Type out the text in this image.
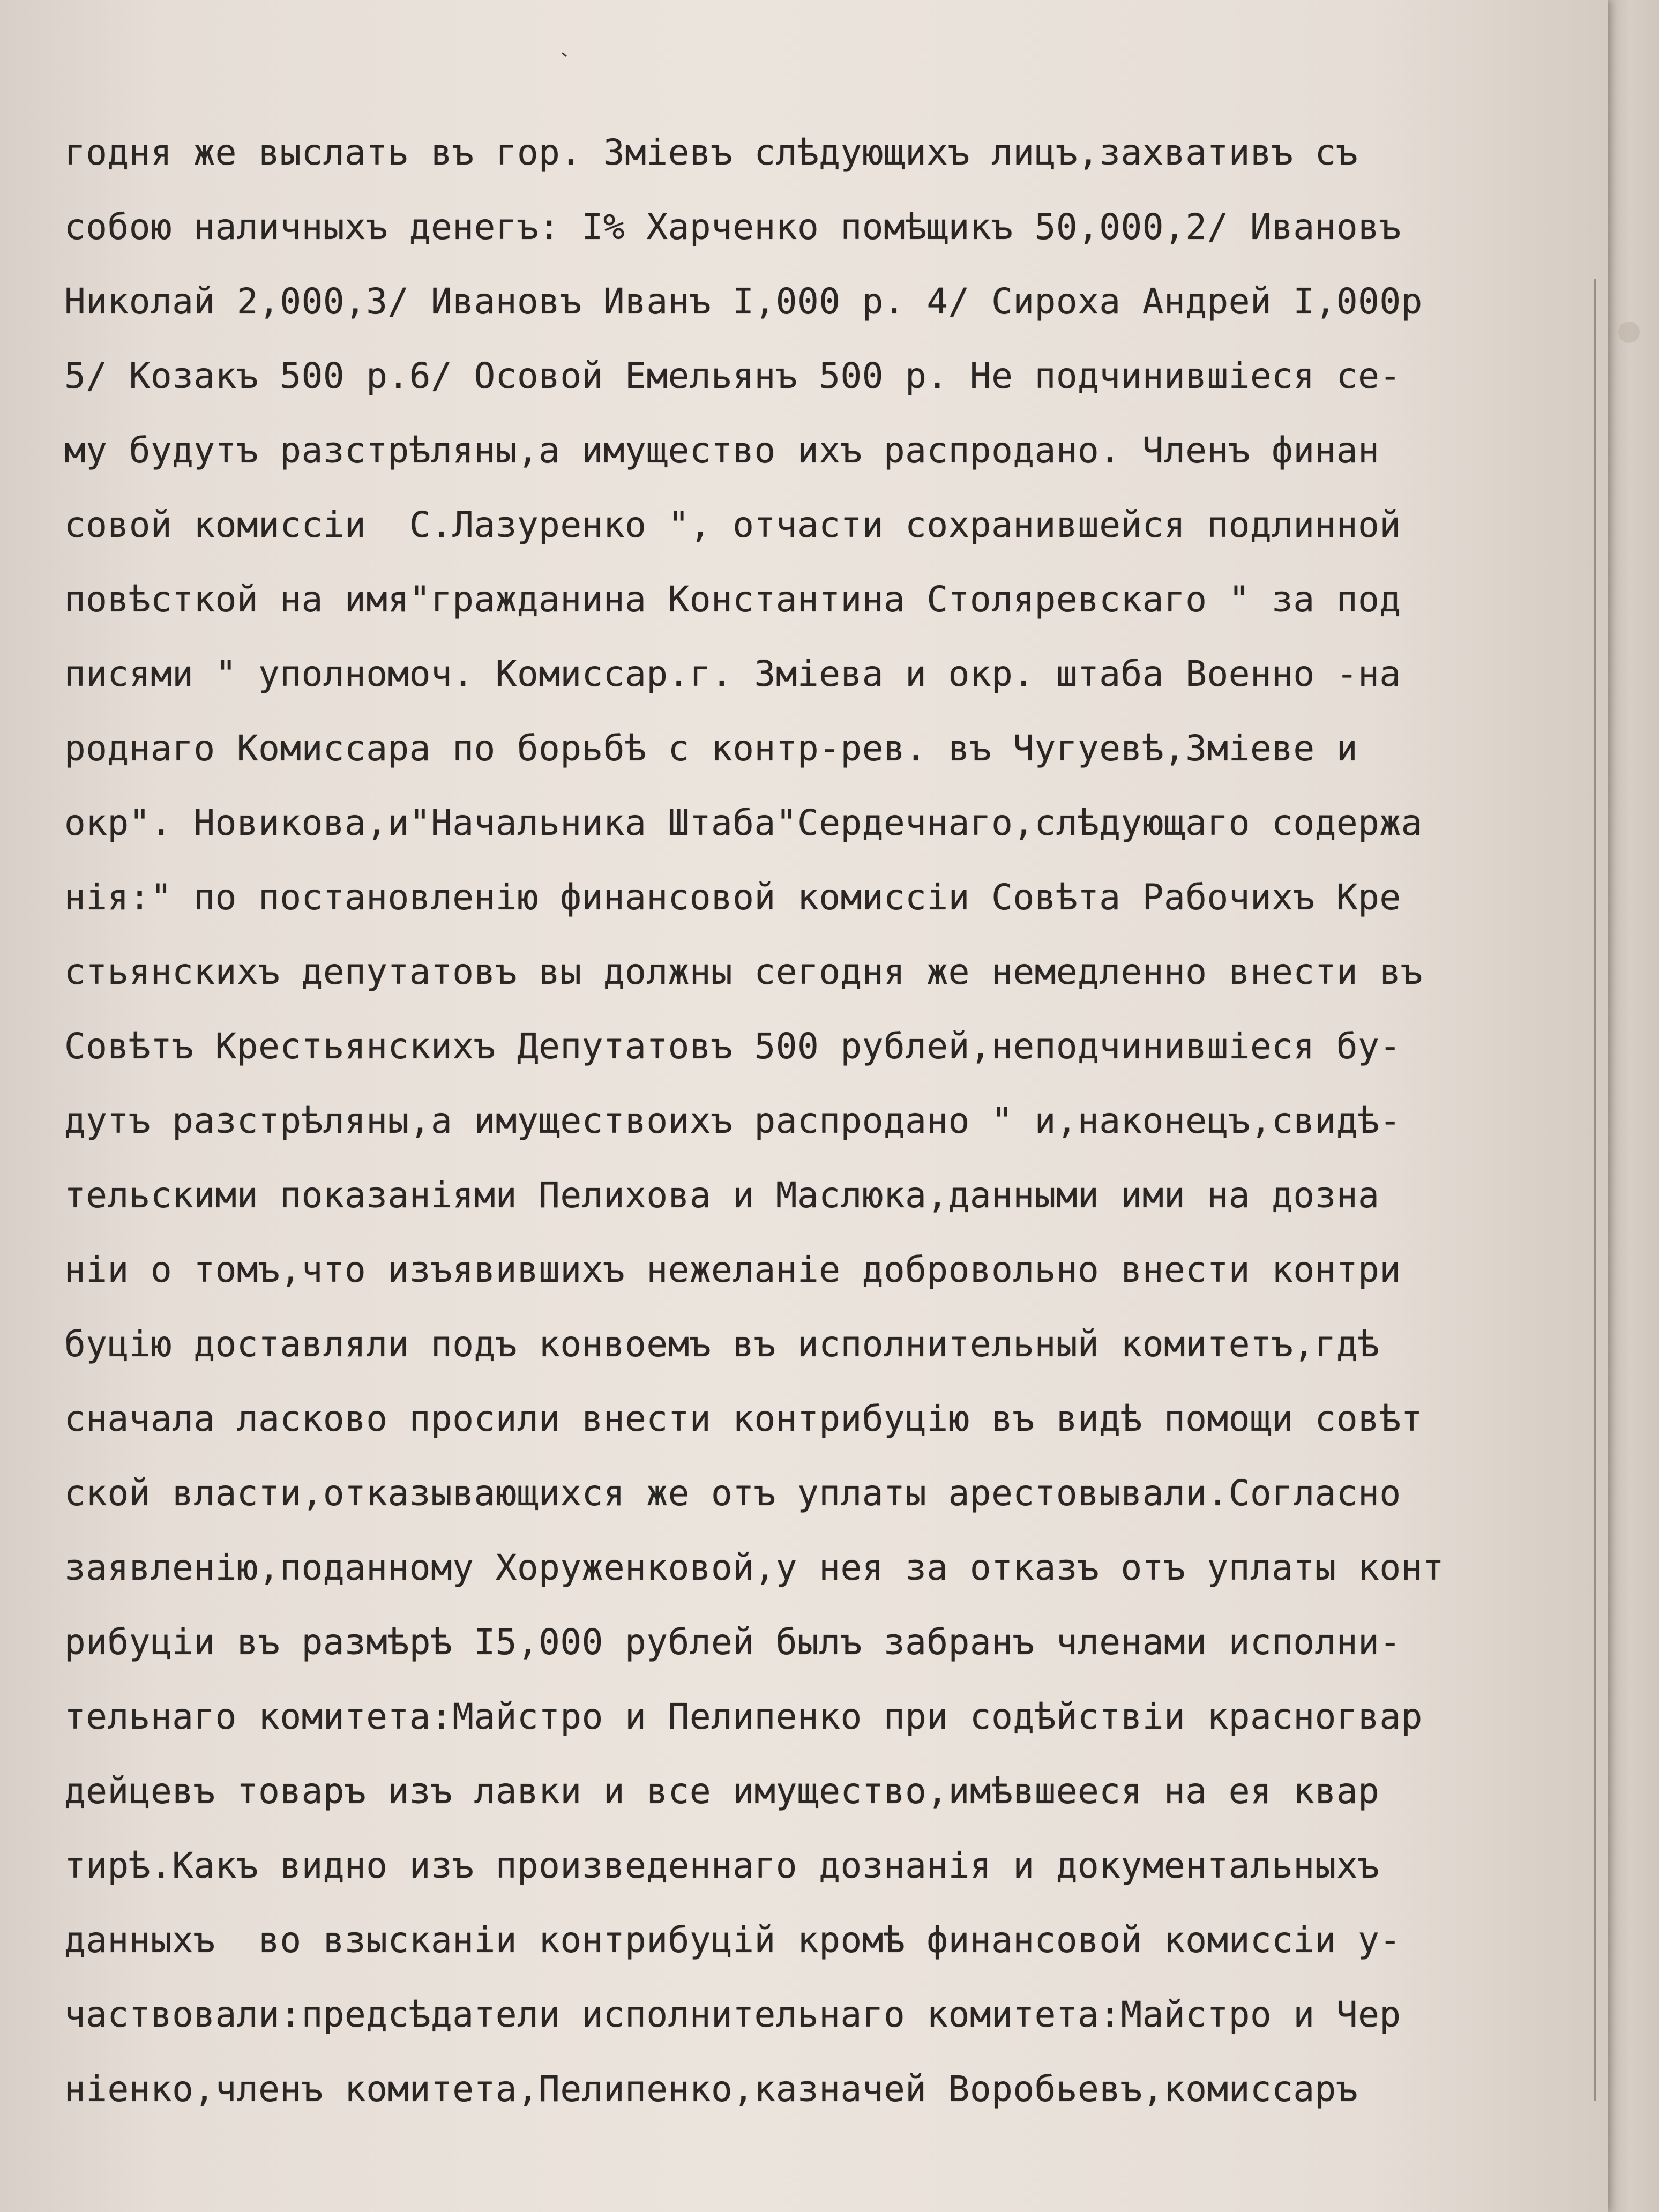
годня же выслать въ гор. Зміевъ слѣдующихъ лицъ,захвативъ съ
собою наличныхъ денегъ: I% Харченко помѣщикъ 50,000,2/ Ивановъ
Николай 2,000,3/ Ивановъ Иванъ I,000 р. 4/ Сироха Андрей I,000р
5/ Козакъ 500 р.6/ Осовой Емельянъ 500 р. Не подчинившіеся се-
му будутъ разстрѣляны,а имущество ихъ распродано. Членъ финан
совой комиссіи  С.Лазуренко ", отчасти сохранившейся подлинной
повѣсткой на имя"гражданина Константина Столяревскаго " за под
писями " уполномоч. Комиссар.г. Зміева и окр. штаба Военно -на
роднаго Комиссара по борьбѣ с контр-рев. въ Чугуевѣ,Зміеве и
окр". Новикова,и"Начальника Штаба"Сердечнаго,слѣдующаго содержа
нія:" по постановленію финансовой комиссіи Совѣта Рабочихъ Кре
стьянскихъ депутатовъ вы должны сегодня же немедленно внести въ
Совѣтъ Крестьянскихъ Депутатовъ 500 рублей,неподчинившіеся бу-
дутъ разстрѣляны,а имуществоихъ распродано " и,наконецъ,свидѣ-
тельскими показаніями Пелихова и Маслюка,данными ими на дозна
ніи о томъ,что изъявившихъ нежеланіе добровольно внести контри
буцію доставляли подъ конвоемъ въ исполнительный комитетъ,гдѣ
сначала ласково просили внести контрибуцію въ видѣ помощи совѣт
ской власти,отказывающихся же отъ уплаты арестовывали.Согласно
заявленію,поданному Хоруженковой,у нея за отказъ отъ уплаты конт
рибуціи въ размѣрѣ I5,000 рублей былъ забранъ членами исполни-
тельнаго комитета:Майстро и Пелипенко при содѣйствіи красногвар
дейцевъ товаръ изъ лавки и все имущество,имѣвшееся на ея квар
тирѣ.Какъ видно изъ произведеннаго дознанія и документальныхъ
данныхъ  во взысканіи контрибуцій кромѣ финансовой комиссіи у-
частвовали:предсѣдатели исполнительнаго комитета:Майстро и Чер
ніенко,членъ комитета,Пелипенко,казначей Воробьевъ,комиссаръ
